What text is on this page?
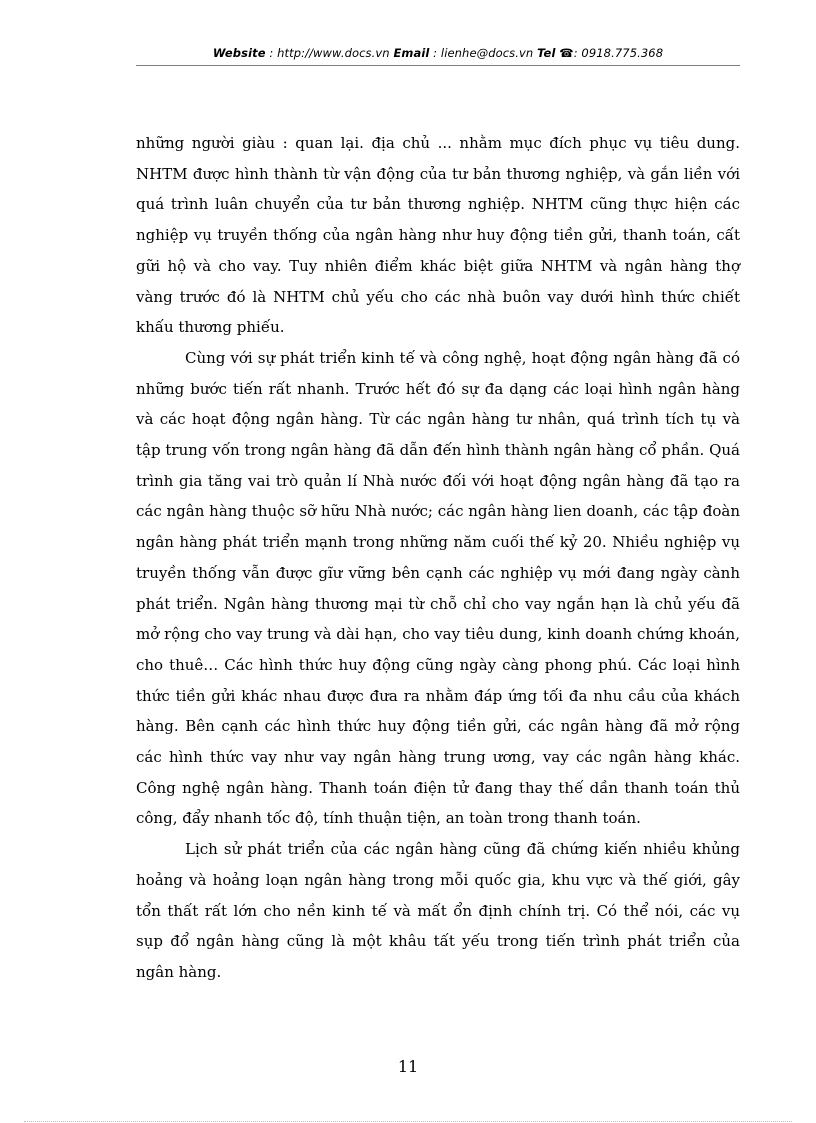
Website : http://www.docs.vn Email : lienhe@docs.vn Tel ☎: 0918.775.368

những người giàu : quan lại. địa chủ ... nhằm mục đích phục vụ tiêu dung. NHTM được hình thành từ vận động của tư bản thương nghiệp, và gắn liền với quá trình luân chuyển của tư bản thương nghiệp. NHTM cũng thực hiện các nghiệp vụ truyền thống của ngân hàng như huy động tiền gửi, thanh toán, cất gữi hộ và cho vay. Tuy nhiên điểm khác biệt giữa NHTM và ngân hàng thợ vàng trước đó là NHTM chủ yếu cho các nhà buôn vay dưới hình thức chiết khấu thương phiếu.

Cùng với sự phát triển kinh tế và công nghệ, hoạt động ngân hàng đã có những bước tiến rất nhanh. Trước hết đó sự đa dạng các loại hình ngân hàng và các hoạt động ngân hàng. Từ các ngân hàng tư nhân, quá trình tích tụ và tập trung vốn trong ngân hàng đã dẫn đến hình thành ngân hàng cổ phần. Quá trình gia tăng vai trò quản lí Nhà nước đối với hoạt động ngân hàng đã tạo ra các ngân hàng thuộc sỡ hữu Nhà nước; các ngân hàng lien doanh, các tập đoàn ngân hàng phát triển mạnh trong những năm cuối thế kỷ 20. Nhiều nghiệp vụ truyền thống vẫn được gĩư vững bên cạnh các nghiệp vụ mới đang ngày cành phát triển. Ngân hàng thương mại từ chỗ chỉ cho vay ngắn hạn là chủ yếu đã mở rộng cho vay trung và dài hạn, cho vay tiêu dung, kinh doanh chứng khoán, cho thuê… Các hình thức huy động cũng ngày càng phong phú. Các loại hình thức tiền gửi khác nhau được đưa ra nhằm đáp ứng tối đa nhu cầu của khách hàng. Bên cạnh các hình thức huy động tiền gửi, các ngân hàng đã mở rộng các hình thức vay như vay ngân hàng trung ương, vay các ngân hàng khác. Công nghệ ngân hàng. Thanh toán điện tử đang thay thế dần thanh toán thủ công, đẩy nhanh tốc độ, tính thuận tiện, an toàn trong thanh toán.

Lịch sử phát triển của các ngân hàng cũng đã chứng kiến nhiều khủng hoảng và hoảng loạn ngân hàng trong mỗi quốc gia, khu vực và thế giới, gây tổn thất rất lớn cho nền kinh tế và mất ổn định chính trị. Có thể nói, các vụ sụp đổ ngân hàng cũng là một khâu tất yếu trong tiến trình phát triển của ngân hàng.

11
